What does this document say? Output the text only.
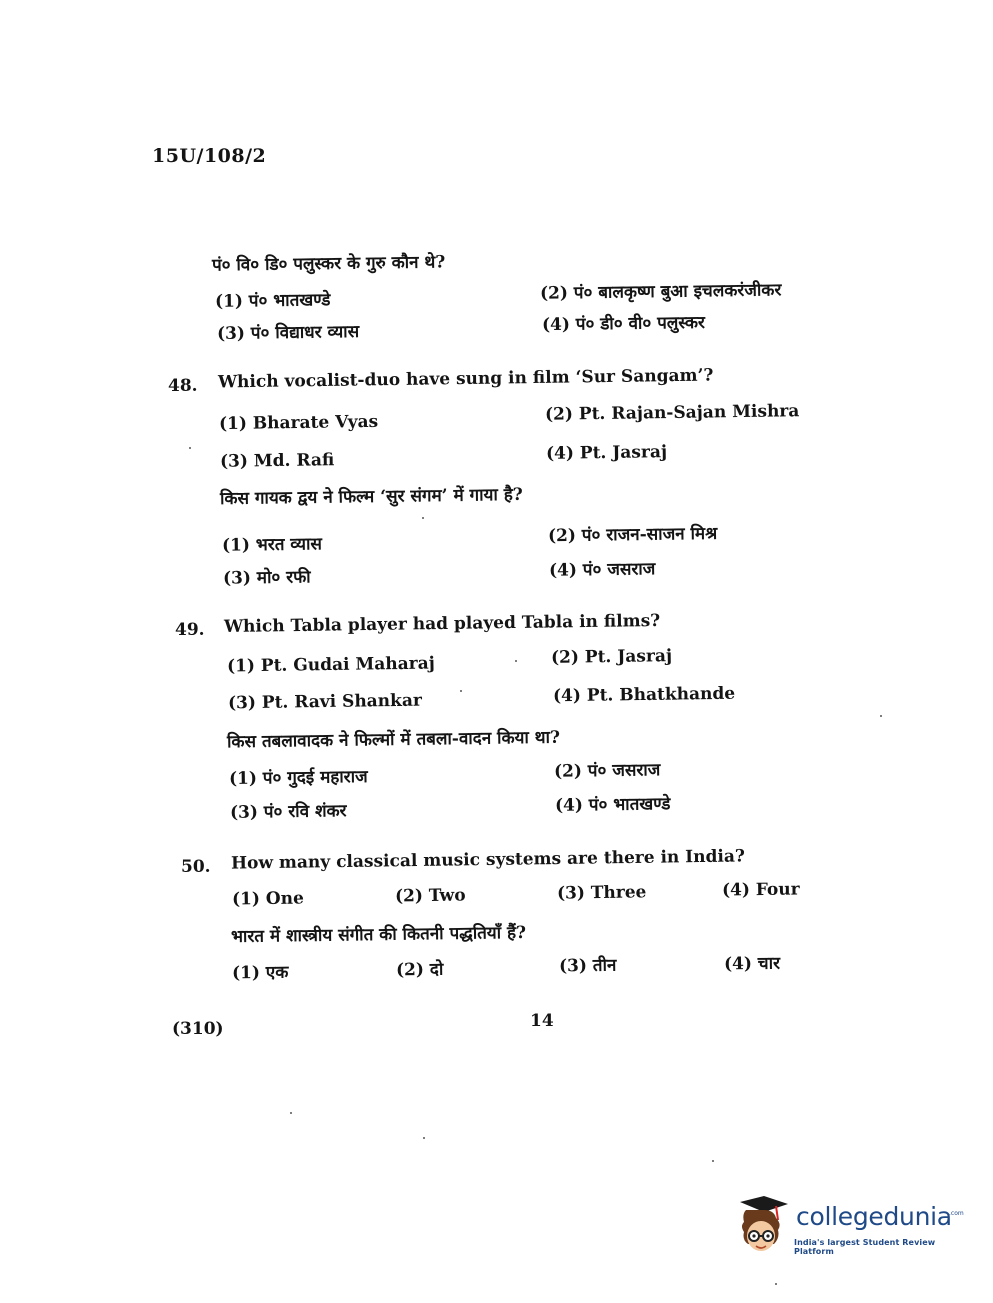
15U/108/2
पं० वि० डि० पलुस्कर के गुरु कौन थे?
(1) पं० भातखण्डे	(2) पं० बालकृष्ण बुआ इचलकरंजीकर
(3) पं० विद्याधर व्यास	(4) पं० डी० वी० पलुस्कर
48. Which vocalist-duo have sung in film ‘Sur Sangam’?
(1) Bharate Vyas	(2) Pt. Rajan-Sajan Mishra
(3) Md. Rafi	(4) Pt. Jasraj
किस गायक द्वय ने फिल्म ‘सुर संगम’ में गाया है?
(1) भरत व्यास	(2) पं० राजन-साजन मिश्र
(3) मो० रफी	(4) पं० जसराज
49. Which Tabla player had played Tabla in films?
(1) Pt. Gudai Maharaj	(2) Pt. Jasraj
(3) Pt. Ravi Shankar	(4) Pt. Bhatkhande
किस तबलावादक ने फिल्मों में तबला-वादन किया था?
(1) पं० गुदई महाराज	(2) पं० जसराज
(3) पं० रवि शंकर	(4) पं० भातखण्डे
50. How many classical music systems are there in India?
(1) One	(2) Two	(3) Three	(4) Four
भारत में शास्त्रीय संगीत की कितनी पद्धतियाँ हैं?
(1) एक	(2) दो	(3) तीन	(4) चार
(310)	14
collegedunia
.com
India's largest Student Review Platform
